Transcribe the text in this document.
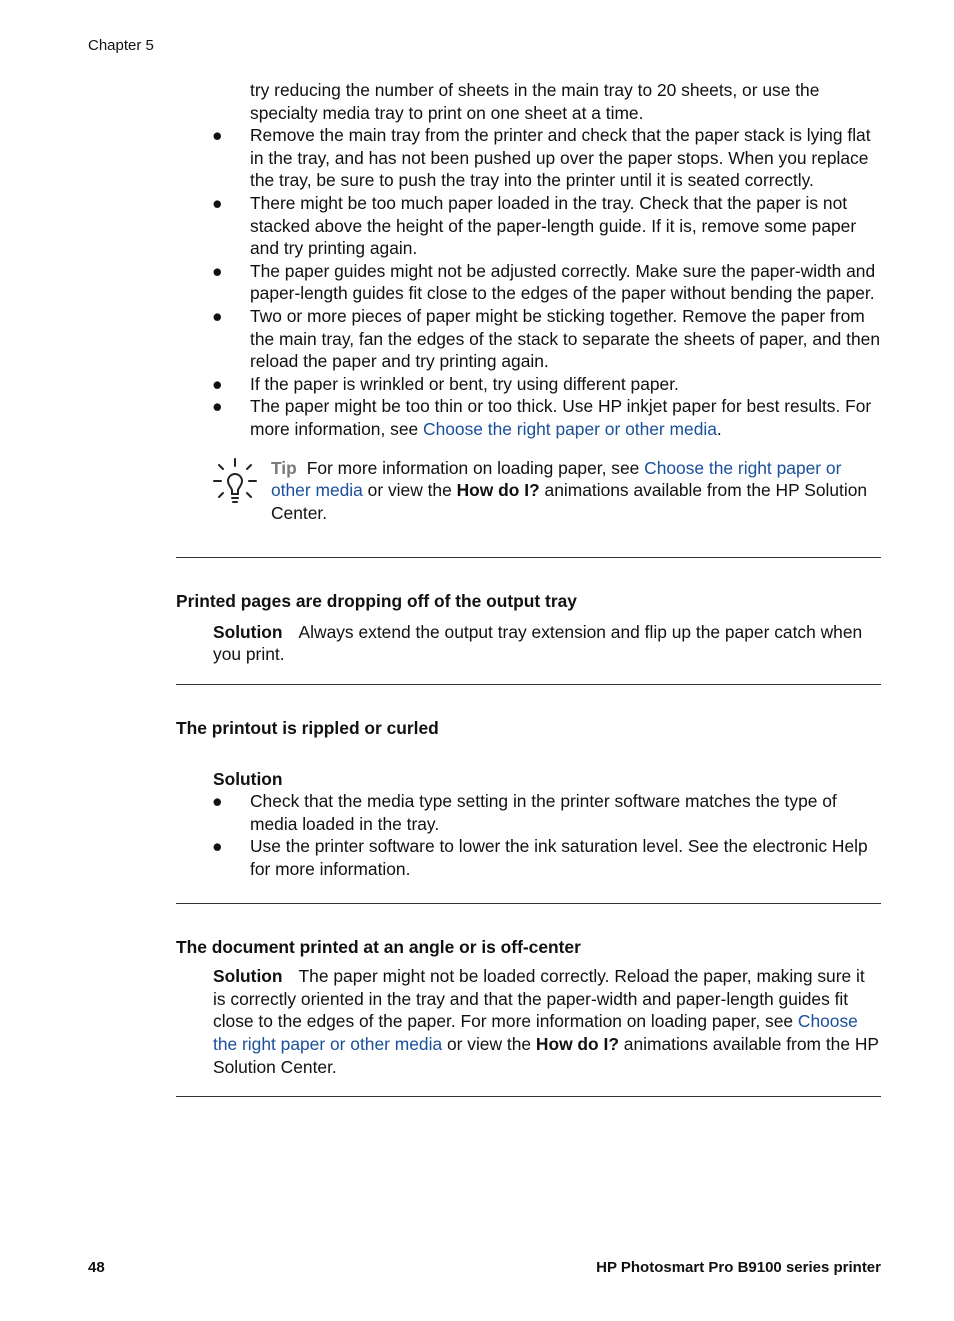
Chapter 5

try reducing the number of sheets in the main tray to 20 sheets, or use the specialty media tray to print on one sheet at a time.

● Remove the main tray from the printer and check that the paper stack is lying flat in the tray, and has not been pushed up over the paper stops. When you replace the tray, be sure to push the tray into the printer until it is seated correctly.
● There might be too much paper loaded in the tray. Check that the paper is not stacked above the height of the paper-length guide. If it is, remove some paper and try printing again.
● The paper guides might not be adjusted correctly. Make sure the paper-width and paper-length guides fit close to the edges of the paper without bending the paper.
● Two or more pieces of paper might be sticking together. Remove the paper from the main tray, fan the edges of the stack to separate the sheets of paper, and then reload the paper and try printing again.
● If the paper is wrinkled or bent, try using different paper.
● The paper might be too thin or too thick. Use HP inkjet paper for best results. For more information, see Choose the right paper or other media.
Tip For more information on loading paper, see Choose the right paper or other media or view the How do I? animations available from the HP Solution Center.
Printed pages are dropping off of the output tray

Solution Always extend the output tray extension and flip up the paper catch when you print.

The printout is rippled or curled

Solution

● Check that the media type setting in the printer software matches the type of media loaded in the tray.
● Use the printer software to lower the ink saturation level. See the electronic Help for more information.
The document printed at an angle or is off-center

Solution The paper might not be loaded correctly. Reload the paper, making sure it is correctly oriented in the tray and that the paper-width and paper-length guides fit close to the edges of the paper. For more information on loading paper, see Choose the right paper or other media or view the How do I? animations available from the HP Solution Center.

48	HP Photosmart Pro B9100 series printer
